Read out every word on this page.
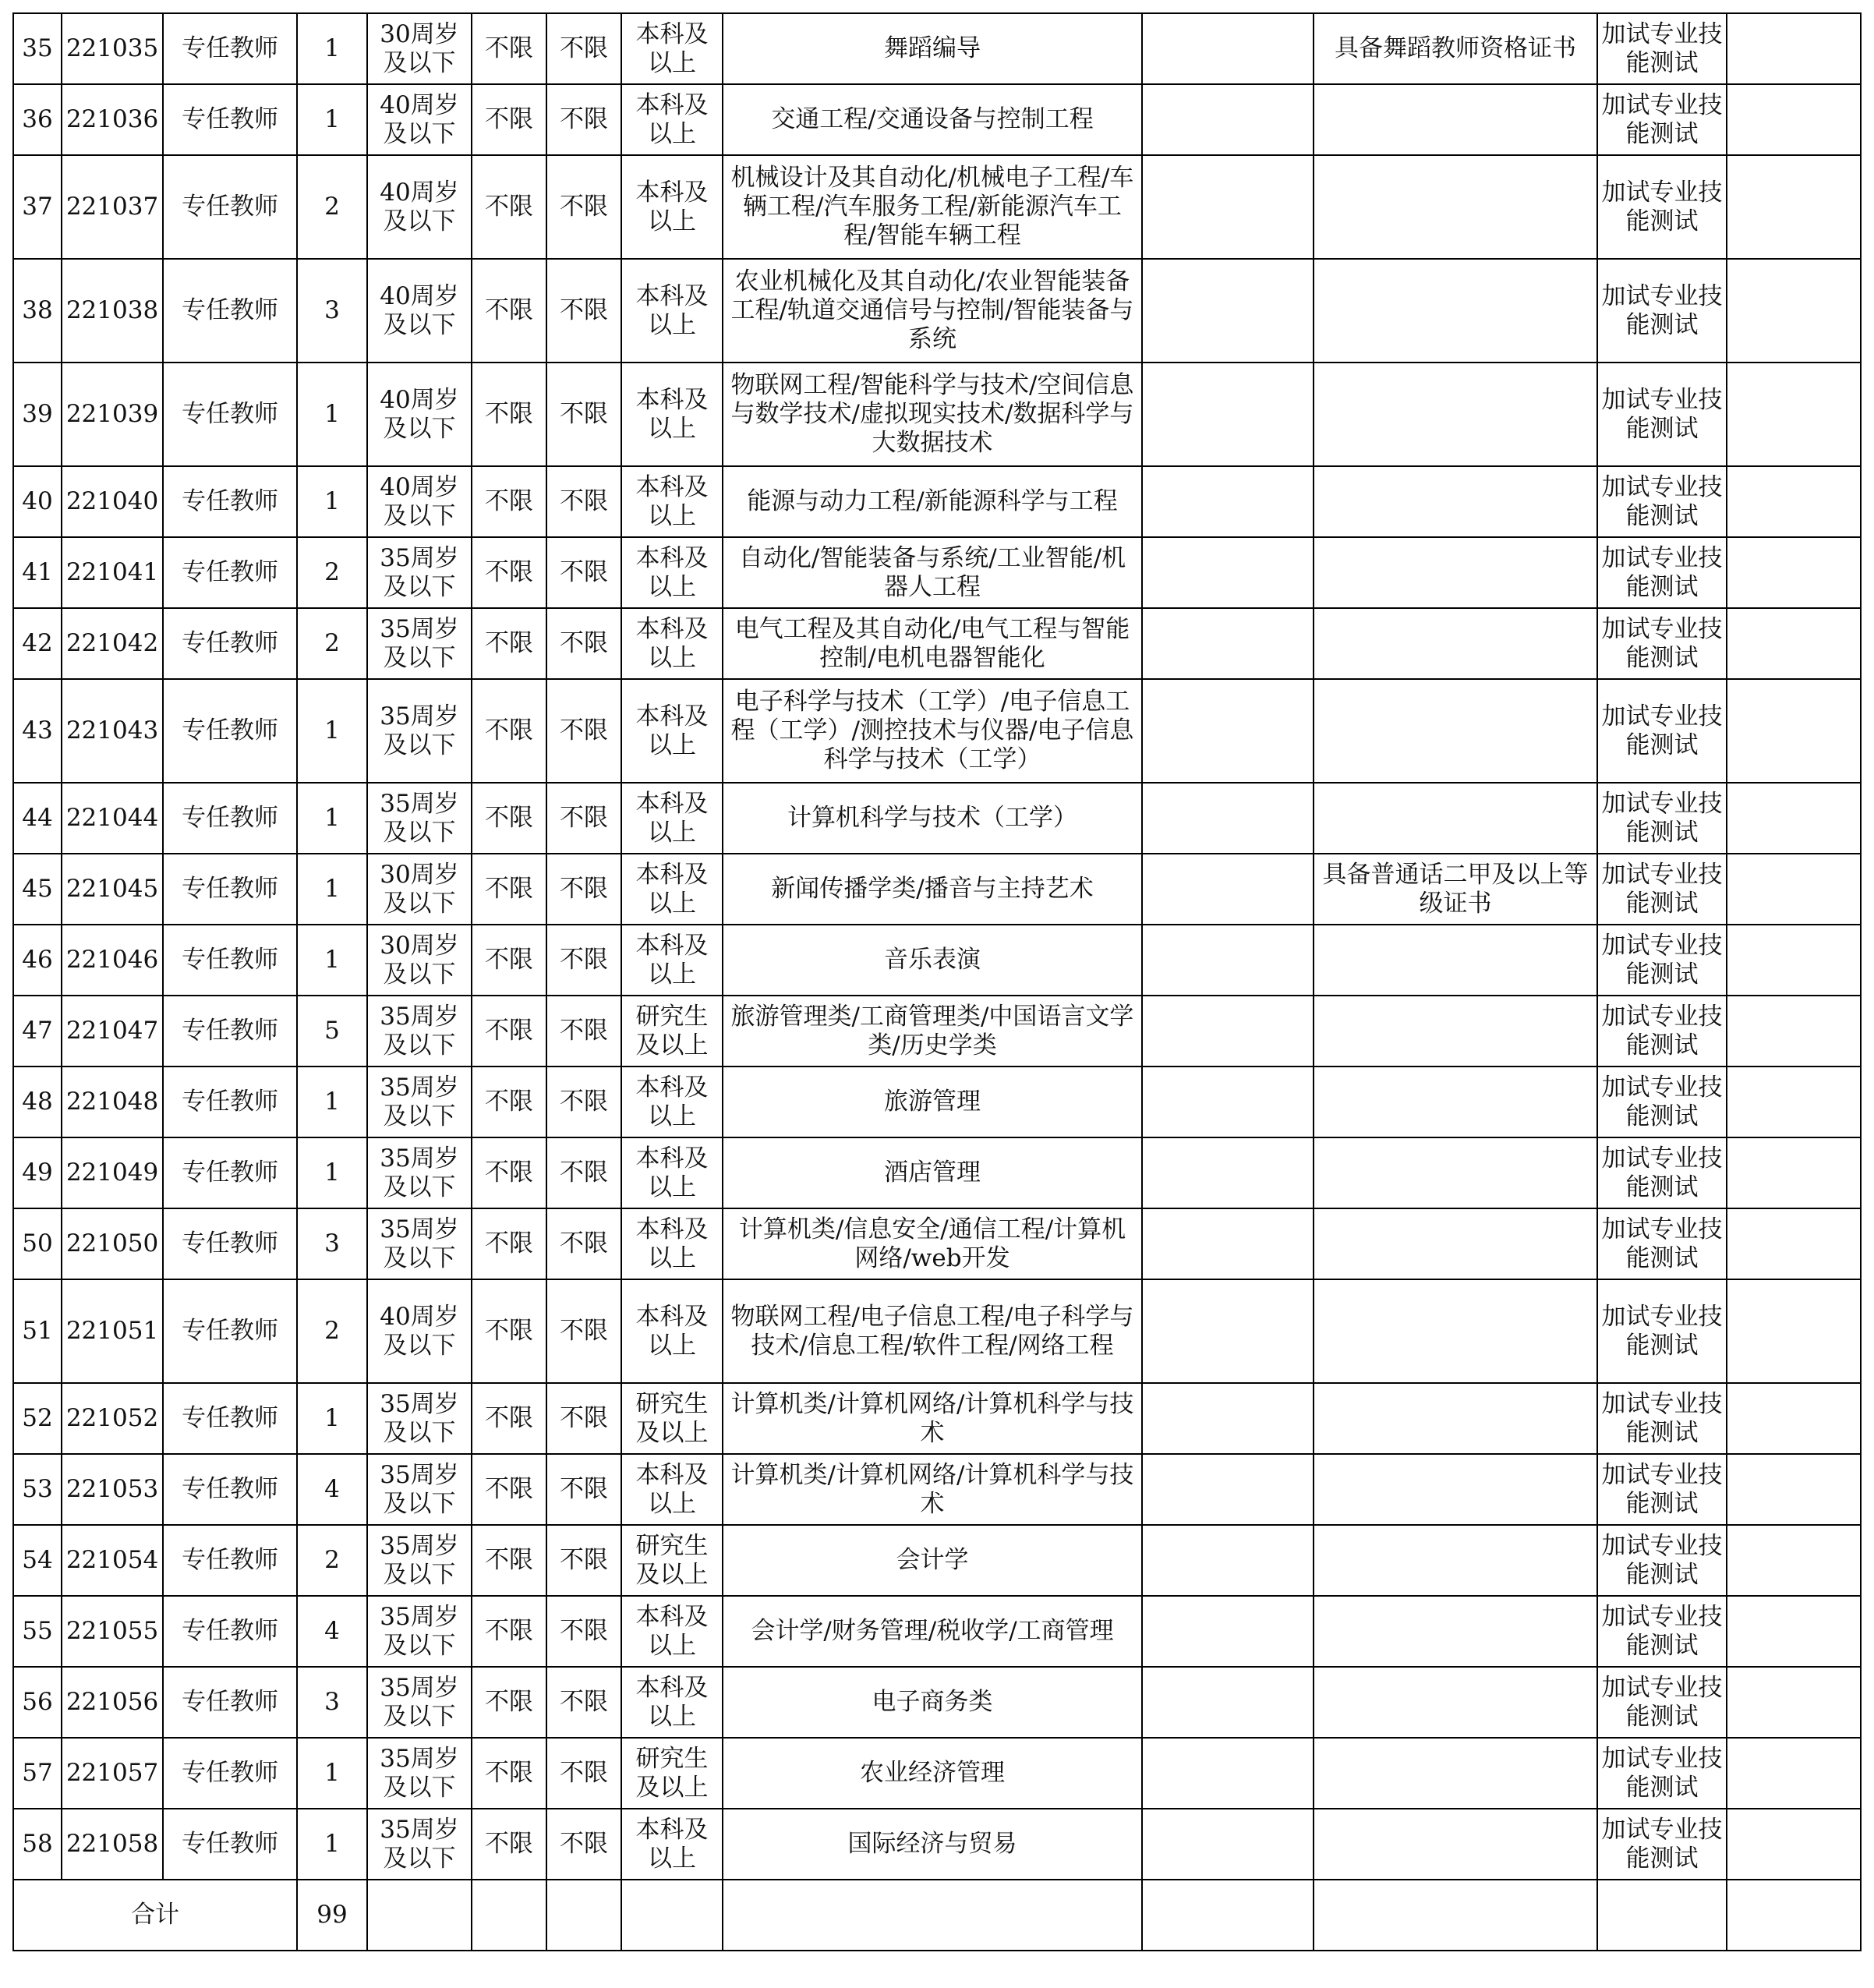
35	221035	专任教师	1	30周岁及以下	不限	不限	本科及以上	舞蹈编导		具备舞蹈教师资格证书	加试专业技能测试	
36	221036	专任教师	1	40周岁及以下	不限	不限	本科及以上	交通工程/交通设备与控制工程			加试专业技能测试	
37	221037	专任教师	2	40周岁及以下	不限	不限	本科及以上	机械设计及其自动化/机械电子工程/车辆工程/汽车服务工程/新能源汽车工程/智能车辆工程			加试专业技能测试	
38	221038	专任教师	3	40周岁及以下	不限	不限	本科及以上	农业机械化及其自动化/农业智能装备工程/轨道交通信号与控制/智能装备与系统			加试专业技能测试	
39	221039	专任教师	1	40周岁及以下	不限	不限	本科及以上	物联网工程/智能科学与技术/空间信息与数学技术/虚拟现实技术/数据科学与大数据技术			加试专业技能测试	
40	221040	专任教师	1	40周岁及以下	不限	不限	本科及以上	能源与动力工程/新能源科学与工程			加试专业技能测试	
41	221041	专任教师	2	35周岁及以下	不限	不限	本科及以上	自动化/智能装备与系统/工业智能/机器人工程			加试专业技能测试	
42	221042	专任教师	2	35周岁及以下	不限	不限	本科及以上	电气工程及其自动化/电气工程与智能控制/电机电器智能化			加试专业技能测试	
43	221043	专任教师	1	35周岁及以下	不限	不限	本科及以上	电子科学与技术（工学）/电子信息工程（工学）/测控技术与仪器/电子信息科学与技术（工学）			加试专业技能测试	
44	221044	专任教师	1	35周岁及以下	不限	不限	本科及以上	计算机科学与技术（工学）			加试专业技能测试	
45	221045	专任教师	1	30周岁及以下	不限	不限	本科及以上	新闻传播学类/播音与主持艺术		具备普通话二甲及以上等级证书	加试专业技能测试	
46	221046	专任教师	1	30周岁及以下	不限	不限	本科及以上	音乐表演			加试专业技能测试	
47	221047	专任教师	5	35周岁及以下	不限	不限	研究生及以上	旅游管理类/工商管理类/中国语言文学类/历史学类			加试专业技能测试	
48	221048	专任教师	1	35周岁及以下	不限	不限	本科及以上	旅游管理			加试专业技能测试	
49	221049	专任教师	1	35周岁及以下	不限	不限	本科及以上	酒店管理			加试专业技能测试	
50	221050	专任教师	3	35周岁及以下	不限	不限	本科及以上	计算机类/信息安全/通信工程/计算机网络/web开发			加试专业技能测试	
51	221051	专任教师	2	40周岁及以下	不限	不限	本科及以上	物联网工程/电子信息工程/电子科学与技术/信息工程/软件工程/网络工程			加试专业技能测试	
52	221052	专任教师	1	35周岁及以下	不限	不限	研究生及以上	计算机类/计算机网络/计算机科学与技术			加试专业技能测试	
53	221053	专任教师	4	35周岁及以下	不限	不限	本科及以上	计算机类/计算机网络/计算机科学与技术			加试专业技能测试	
54	221054	专任教师	2	35周岁及以下	不限	不限	研究生及以上	会计学			加试专业技能测试	
55	221055	专任教师	4	35周岁及以下	不限	不限	本科及以上	会计学/财务管理/税收学/工商管理			加试专业技能测试	
56	221056	专任教师	3	35周岁及以下	不限	不限	本科及以上	电子商务类			加试专业技能测试	
57	221057	专任教师	1	35周岁及以下	不限	不限	研究生及以上	农业经济管理			加试专业技能测试	
58	221058	专任教师	1	35周岁及以下	不限	不限	本科及以上	国际经济与贸易			加试专业技能测试	
合计			99									
